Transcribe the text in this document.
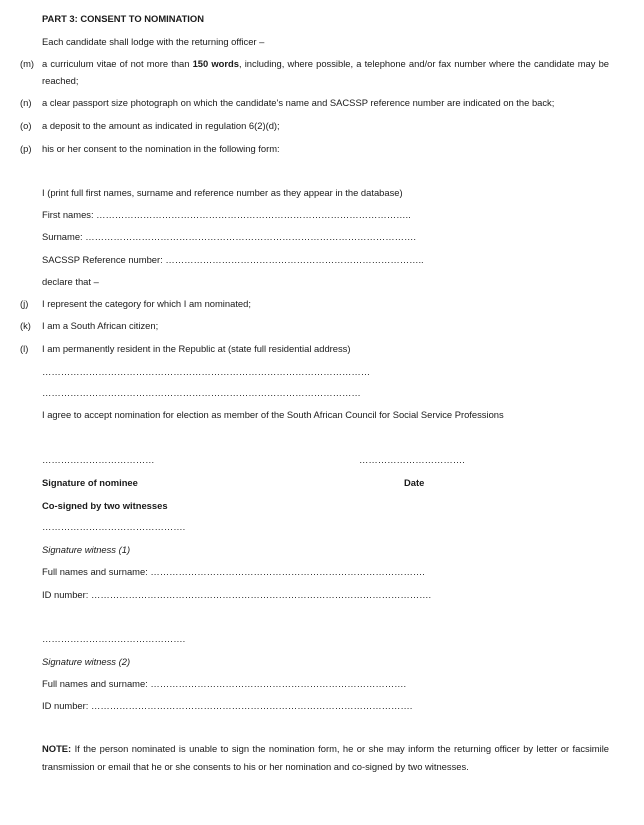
PART 3: CONSENT TO NOMINATION
Each candidate shall lodge with the returning officer –
(m) a curriculum vitae of not more than 150 words, including, where possible, a telephone and/or fax number where the candidate may be reached;
(n) a clear passport size photograph on which the candidate's name and SACSSP reference number are indicated on the back;
(o) a deposit to the amount as indicated in regulation 6(2)(d);
(p) his or her consent to the nomination in the following form:
I (print full first names, surname and reference number as they appear in the database)
First names: ………………………………………………………………………………………..
Surname: …………………………………………………………………………………………….
SACSSP Reference number: ………………………………………………………………………..
declare that –
(j) I represent the category for which I am nominated;
(k) I am a South African citizen;
(l) I am permanently resident in the Republic at (state full residential address)
……………………………………………………………………………………………
…………………………………………………………………………………………
I agree to accept nomination for election as member of the South African Council for Social Service Professions
………………………………	…………………………….
Signature of nominee	Date
Co-signed by two witnesses
……………………………………….
Signature witness (1)
Full names and surname: …………………………………………………………………………….
ID number: ……………………………………………………………………………………………….
……………………………………….
Signature witness (2)
Full names and surname: ……………………………………………………………………….
ID number: ………………………………………………………………………………………….
NOTE: If the person nominated is unable to sign the nomination form, he or she may inform the returning officer by letter or facsimile transmission or email that he or she consents to his or her nomination and co-signed by two witnesses.
